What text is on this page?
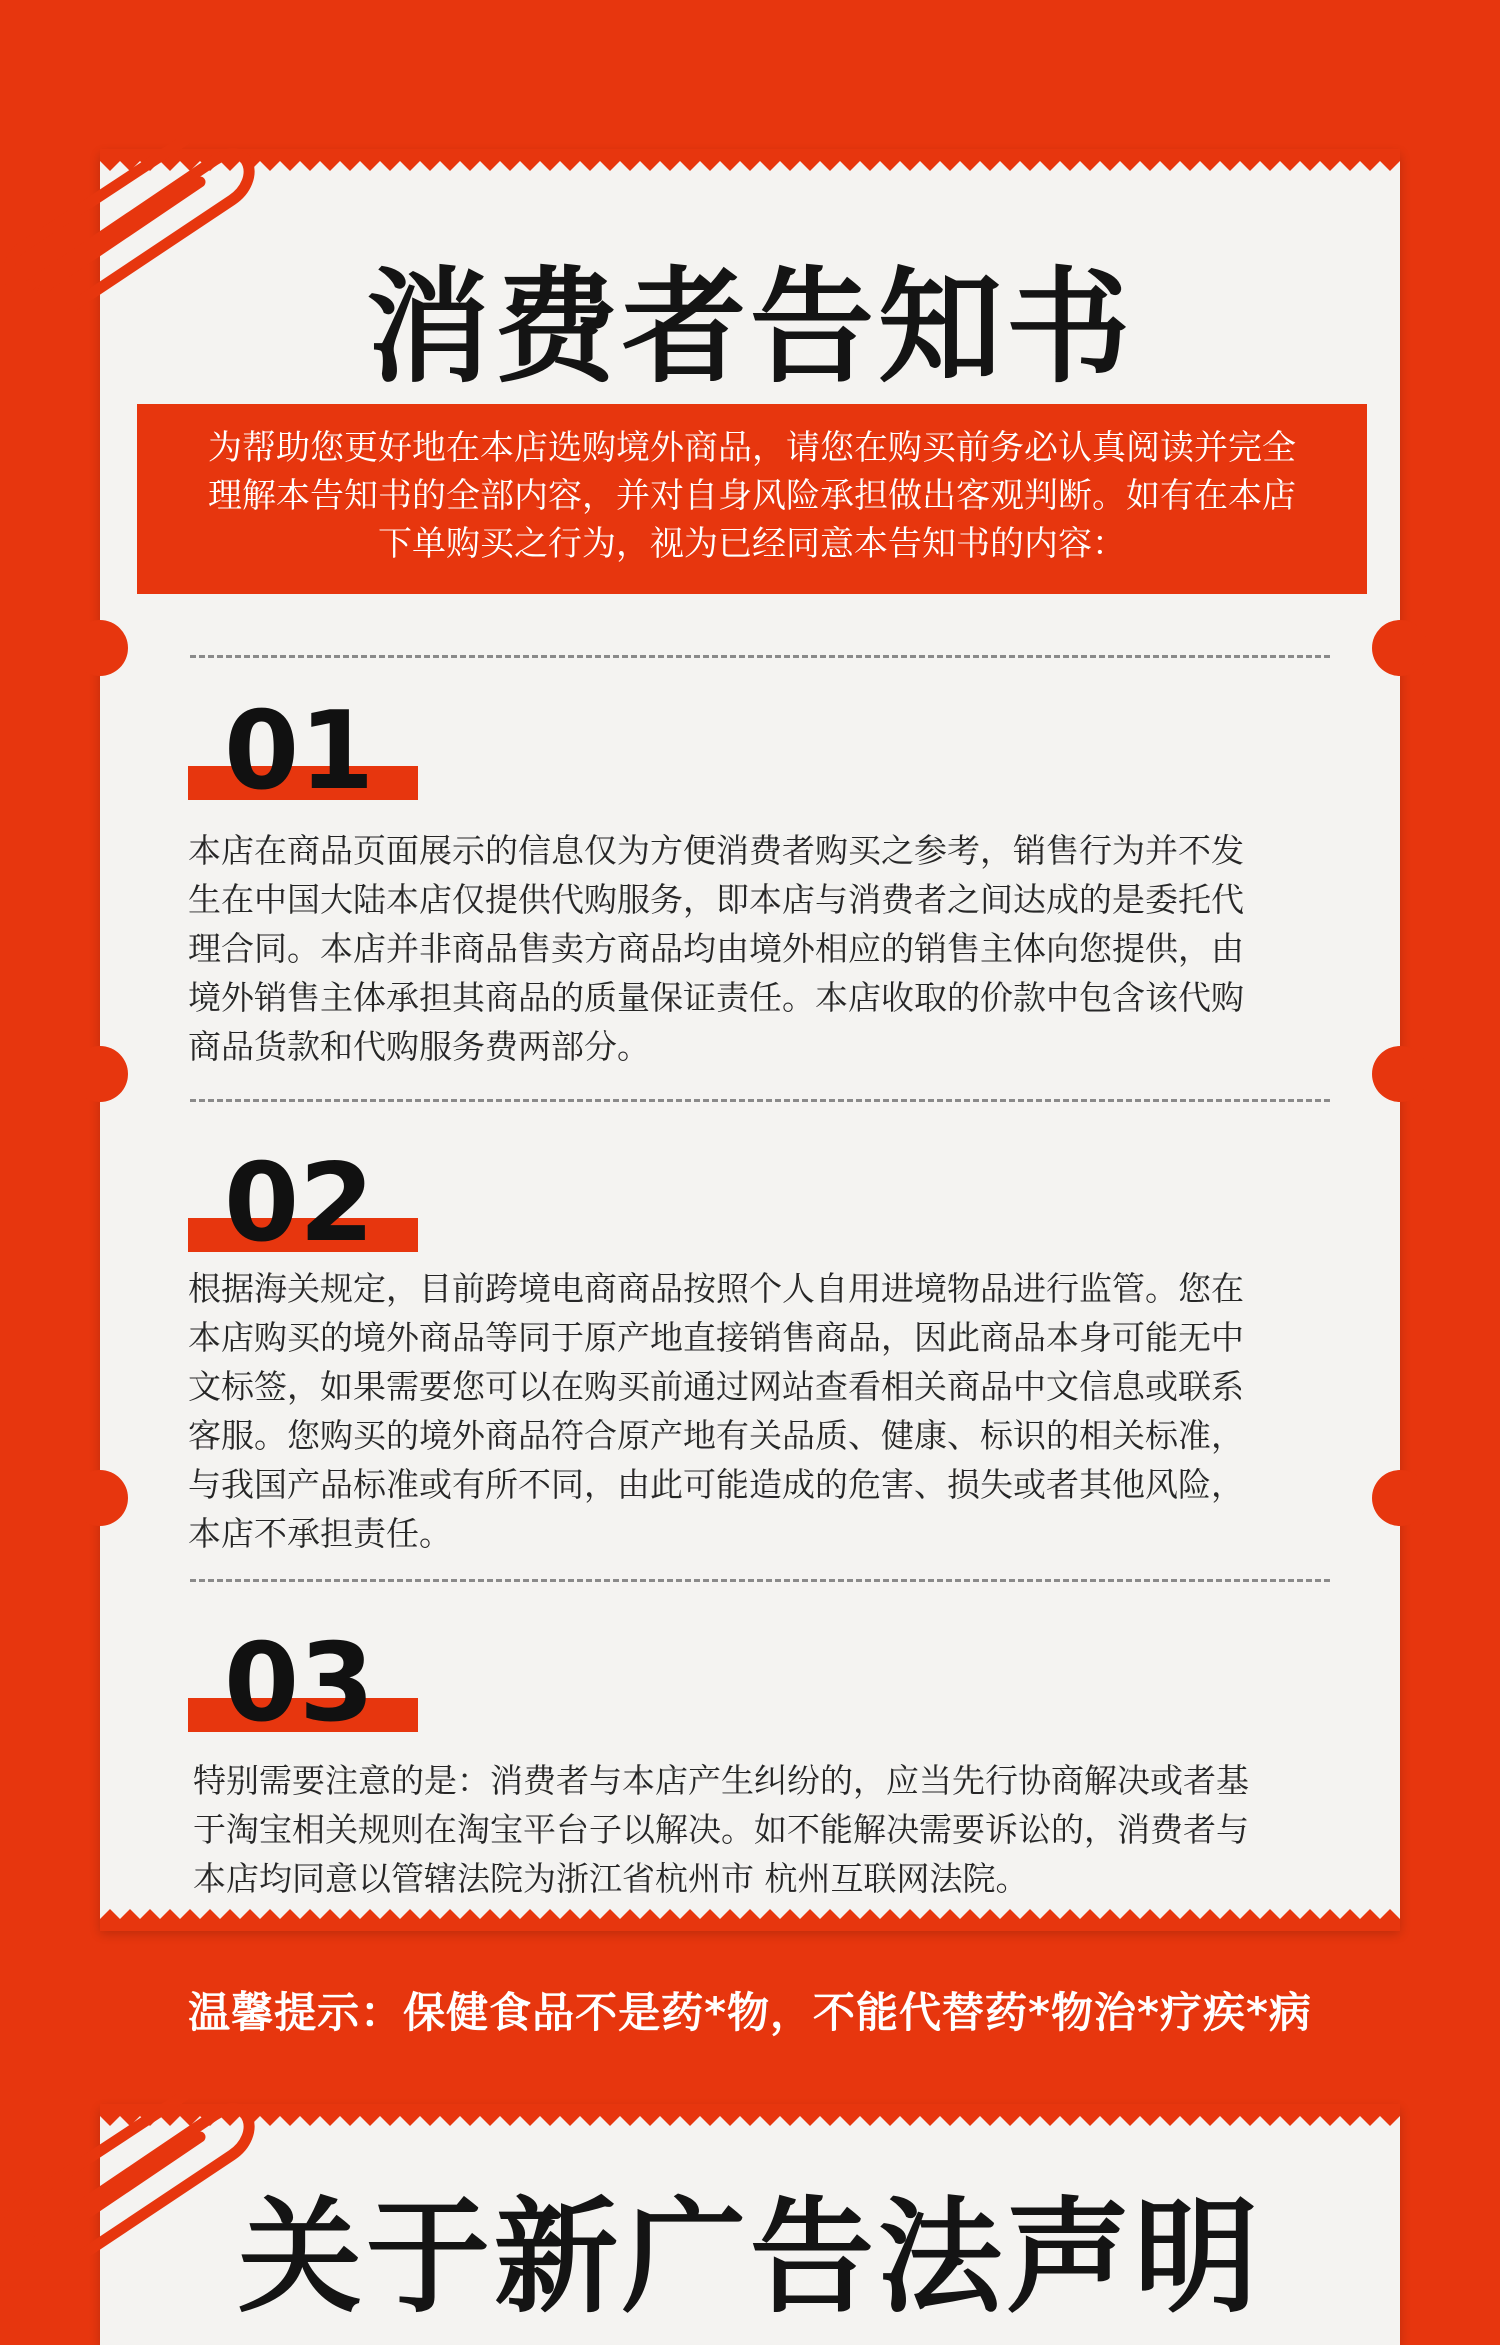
消费者告知书
为帮助您更好地在本店选购境外商品，请您在购买前务必认真阅读并完全
理解本告知书的全部内容，并对自身风险承担做出客观判断。如有在本店
下单购买之行为，视为已经同意本告知书的内容：
01
本店在商品页面展示的信息仅为方便消费者购买之参考，销售行为并不发
生在中国大陆本店仅提供代购服务，即本店与消费者之间达成的是委托代
理合同。本店并非商品售卖方商品均由境外相应的销售主体向您提供，由
境外销售主体承担其商品的质量保证责任。本店收取的价款中包含该代购
商品货款和代购服务费两部分。
02
根据海关规定，目前跨境电商商品按照个人自用进境物品进行监管。您在
本店购买的境外商品等同于原产地直接销售商品，因此商品本身可能无中
文标签，如果需要您可以在购买前通过网站查看相关商品中文信息或联系
客服。您购买的境外商品符合原产地有关品质、健康、标识的相关标准，
与我国产品标准或有所不同，由此可能造成的危害、损失或者其他风险，
本店不承担责任。
03
特别需要注意的是：消费者与本店产生纠纷的，应当先行协商解决或者基
于淘宝相关规则在淘宝平台子以解决。如不能解决需要诉讼的，消费者与
本店均同意以管辖法院为浙江省杭州市 杭州互联网法院。
温馨提示：保健食品不是药*物，不能代替药*物治*疗疾*病
关于新广告法声明
